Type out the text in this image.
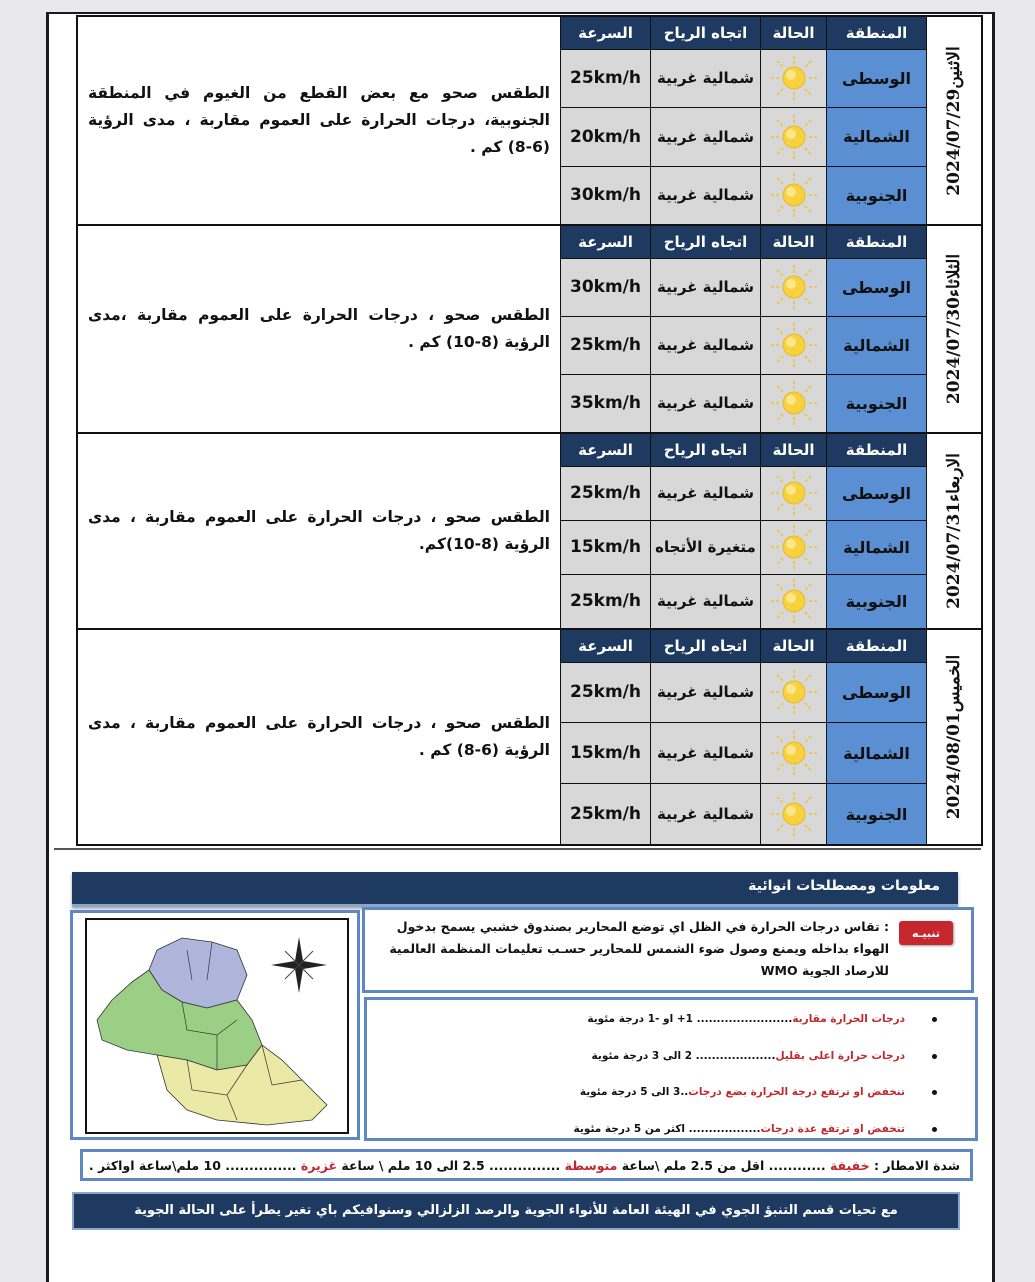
الاثنين2024/07/29
المنطقة
الحالة
اتجاه الرياح
السرعة
الوسطى
شمالية غربية
25km/h
الشمالية
شمالية غربية
20km/h
الجنوبية
شمالية غربية
30km/h

الطقس صحو مع بعض القطع من الغيوم في المنطقة الجنوبية، درجات الحرارة على العموم مقاربة ، مدى الرؤية (6-8) كم .

الثلاثاء2024/07/30
المنطقة
الحالة
اتجاه الرياح
السرعة
الوسطى
شمالية غربية
30km/h
الشمالية
شمالية غربية
25km/h
الجنوبية
شمالية غربية
35km/h

الطقس صحو ، درجات الحرارة على العموم مقاربة ،مدى الرؤية (8-10) كم .

الاربعاء2024/07/31
المنطقة
الحالة
اتجاه الرياح
السرعة
الوسطى
شمالية غربية
25km/h
الشمالية
متغيرة الأتجاه
15km/h
الجنوبية
شمالية غربية
25km/h

الطقس صحو ، درجات الحرارة على العموم مقاربة ، مدى الرؤية (8-10)كم.

الخميس2024/08/01
المنطقة
الحالة
اتجاه الرياح
السرعة
الوسطى
شمالية غربية
25km/h
الشمالية
شمالية غربية
15km/h
الجنوبية
شمالية غربية
25km/h

الطقس صحو ، درجات الحرارة على العموم مقاربة ، مدى الرؤية (6-8) كم .

معلومات ومصطلحات انوائية
تنبيـه
: تقاس درجات الحرارة في الظل اي توضع المحارير بصندوق خشبي يسمح بدخول الهواء بداخله ويمنع وصول ضوء الشمس للمحارير حسـب تعليمات المنظمة العالمية للارصاد الجوية WMO
درجات الحرارة مقاربة........................ 1+ او -1 درجة مئوية
درجات حرارة اعلى بقليل.................... 2 الى 3 درجة مئوية
تنخفض او ترتفع درجة الحرارة بضع درجات..3 الى 5 درجة مئوية
تنخفض او ترتفع عدة درجات.................. اكثر من 5 درجة مئوية
شدة الامطار : خفيفة ............ اقل من 2.5 ملم \ساعة متوسطة ............... 2.5 الى 10 ملم \ ساعة غزيرة ............... 10 ملم\ساعة اواكثر .
مع تحيات قسم التنبؤ الجوي في الهيئة العامة للأنواء الجوية والرصد الزلزالي وسنوافيكم باي تغير يطرأ على الحالة الجوية
